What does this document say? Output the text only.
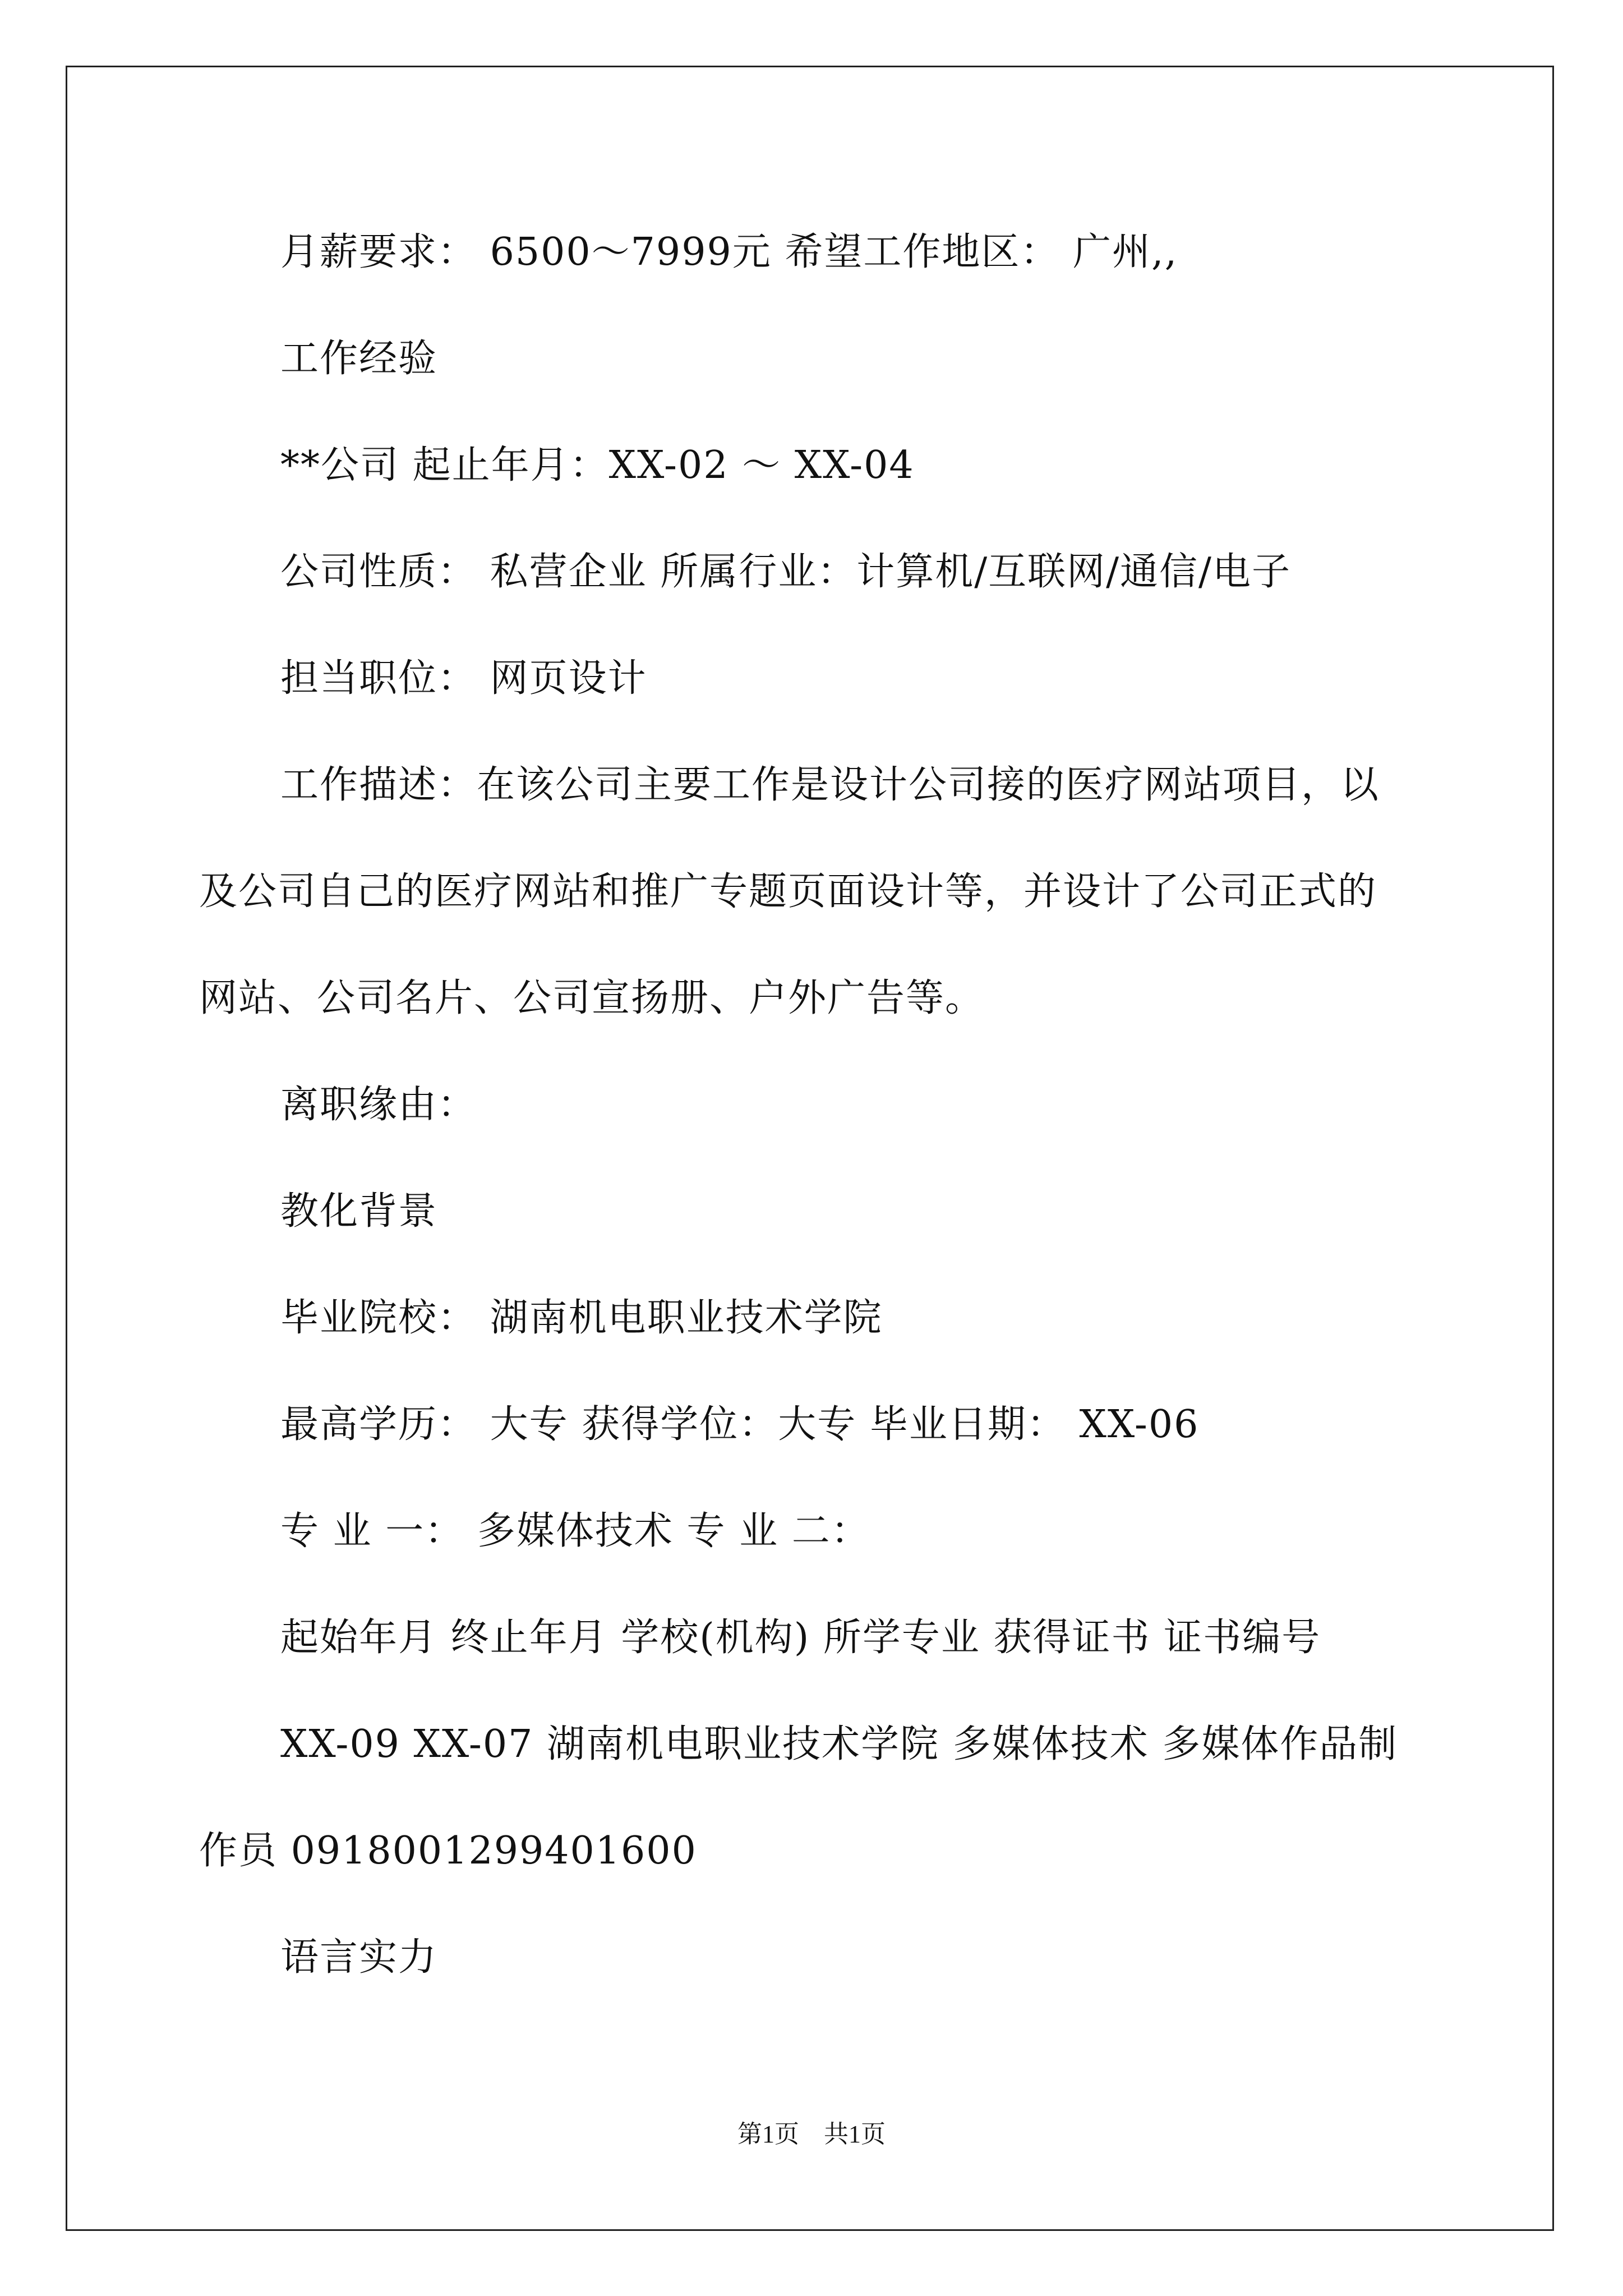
月薪要求： 6500～7999元 希望工作地区： 广州,,
工作经验
**公司 起止年月：XX-02 ～ XX-04
公司性质： 私营企业 所属行业：计算机/互联网/通信/电子
担当职位： 网页设计
工作描述：在该公司主要工作是设计公司接的医疗网站项目，以
及公司自己的医疗网站和推广专题页面设计等，并设计了公司正式的
网站、公司名片、公司宣扬册、户外广告等。
离职缘由：
教化背景
毕业院校： 湖南机电职业技术学院
最高学历： 大专 获得学位：大专 毕业日期： XX-06
专 业 一： 多媒体技术 专 业 二：
起始年月 终止年月 学校(机构) 所学专业 获得证书 证书编号
XX-09 XX-07 湖南机电职业技术学院 多媒体技术 多媒体作品制
作员 0918001299401600
语言实力
第1页　共1页
